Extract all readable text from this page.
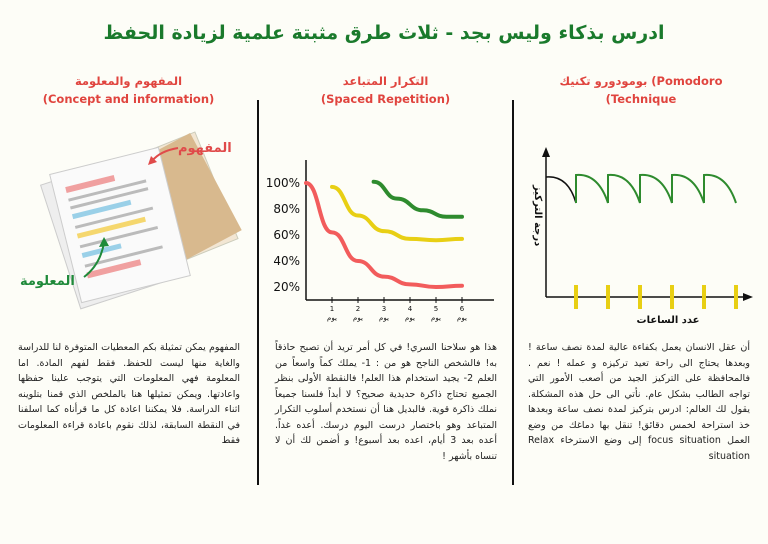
ادرس بذكاء وليس بجد - ثلاث طرق مثبتة علمية لزيادة الحفظ
المفهوم والمعلومة
(Concept and information)
التكرار المتباعد
(Spaced Repetition)
بومودورو تكنيك (Pomodoro
(Technique
المفهوم
المعلومة
100%
80%
60%
40%
20%
1
يوم
2
يوم
3
يوم
4
يوم
5
يوم
6
يوم
درجة التركيز
عدد الساعات
المفهوم يمكن تمثيلة بكم المعطيات المتوفرة لنا للدراسة والغاية منها ليست للحفظ. فقط لفهم المادة. اما المعلومة فهي المعلومات التي يتوجب علينا حفظها واعادتها. ويمكن تمثيلها هنا بالملخص الذي قمنا بتلوينه اثناء الدراسة. فلا يمكننا اعادة كل ما قرأناه كما اسلفنا في النقطة السابقة، لذلك نقوم باعادة قراءة المعلومات فقط
هذا هو سلاحنا السري! في كل أمر تريد أن تصبح حاذقاً به! فالشخص الناجح هو من : 1- يملك كماً واسعاً من العلم 2- يجيد استخدام هذا العلم! فالنقطة الأولى بنظر الجميع تحتاج ذاكرة حديدية صحيح؟ لا أبداً فلسنا جميعاً نملك ذاكرة قوية. فالبديل هنا أن نستخدم أسلوب التكرار المتباعد وهو باختصار درست اليوم درسك. أعده غداً. أعده بعد 3 أيام، اعده بعد أسبوع! و أضمن لك أن لا تنساه بأشهر !
أن عقل الانسان يعمل بكفاءة عالية لمدة نصف ساعة ! وبعدها يحتاج الى راحة تعيد تركيزه و عمله ! نعم . فالمحافظة على التركيز الجيد من أصعب الأمور التي تواجه الطالب بشكل عام. نأتي الى حل هذه المشكلة. يقول لك العالم: ادرس بتركيز لمدة نصف ساعة وبعدها خذ استراحة لخمس دقائق! تنقل بها دماغك من وضع العمل focus situation إلى وضع الاسترخاء Relax situation
